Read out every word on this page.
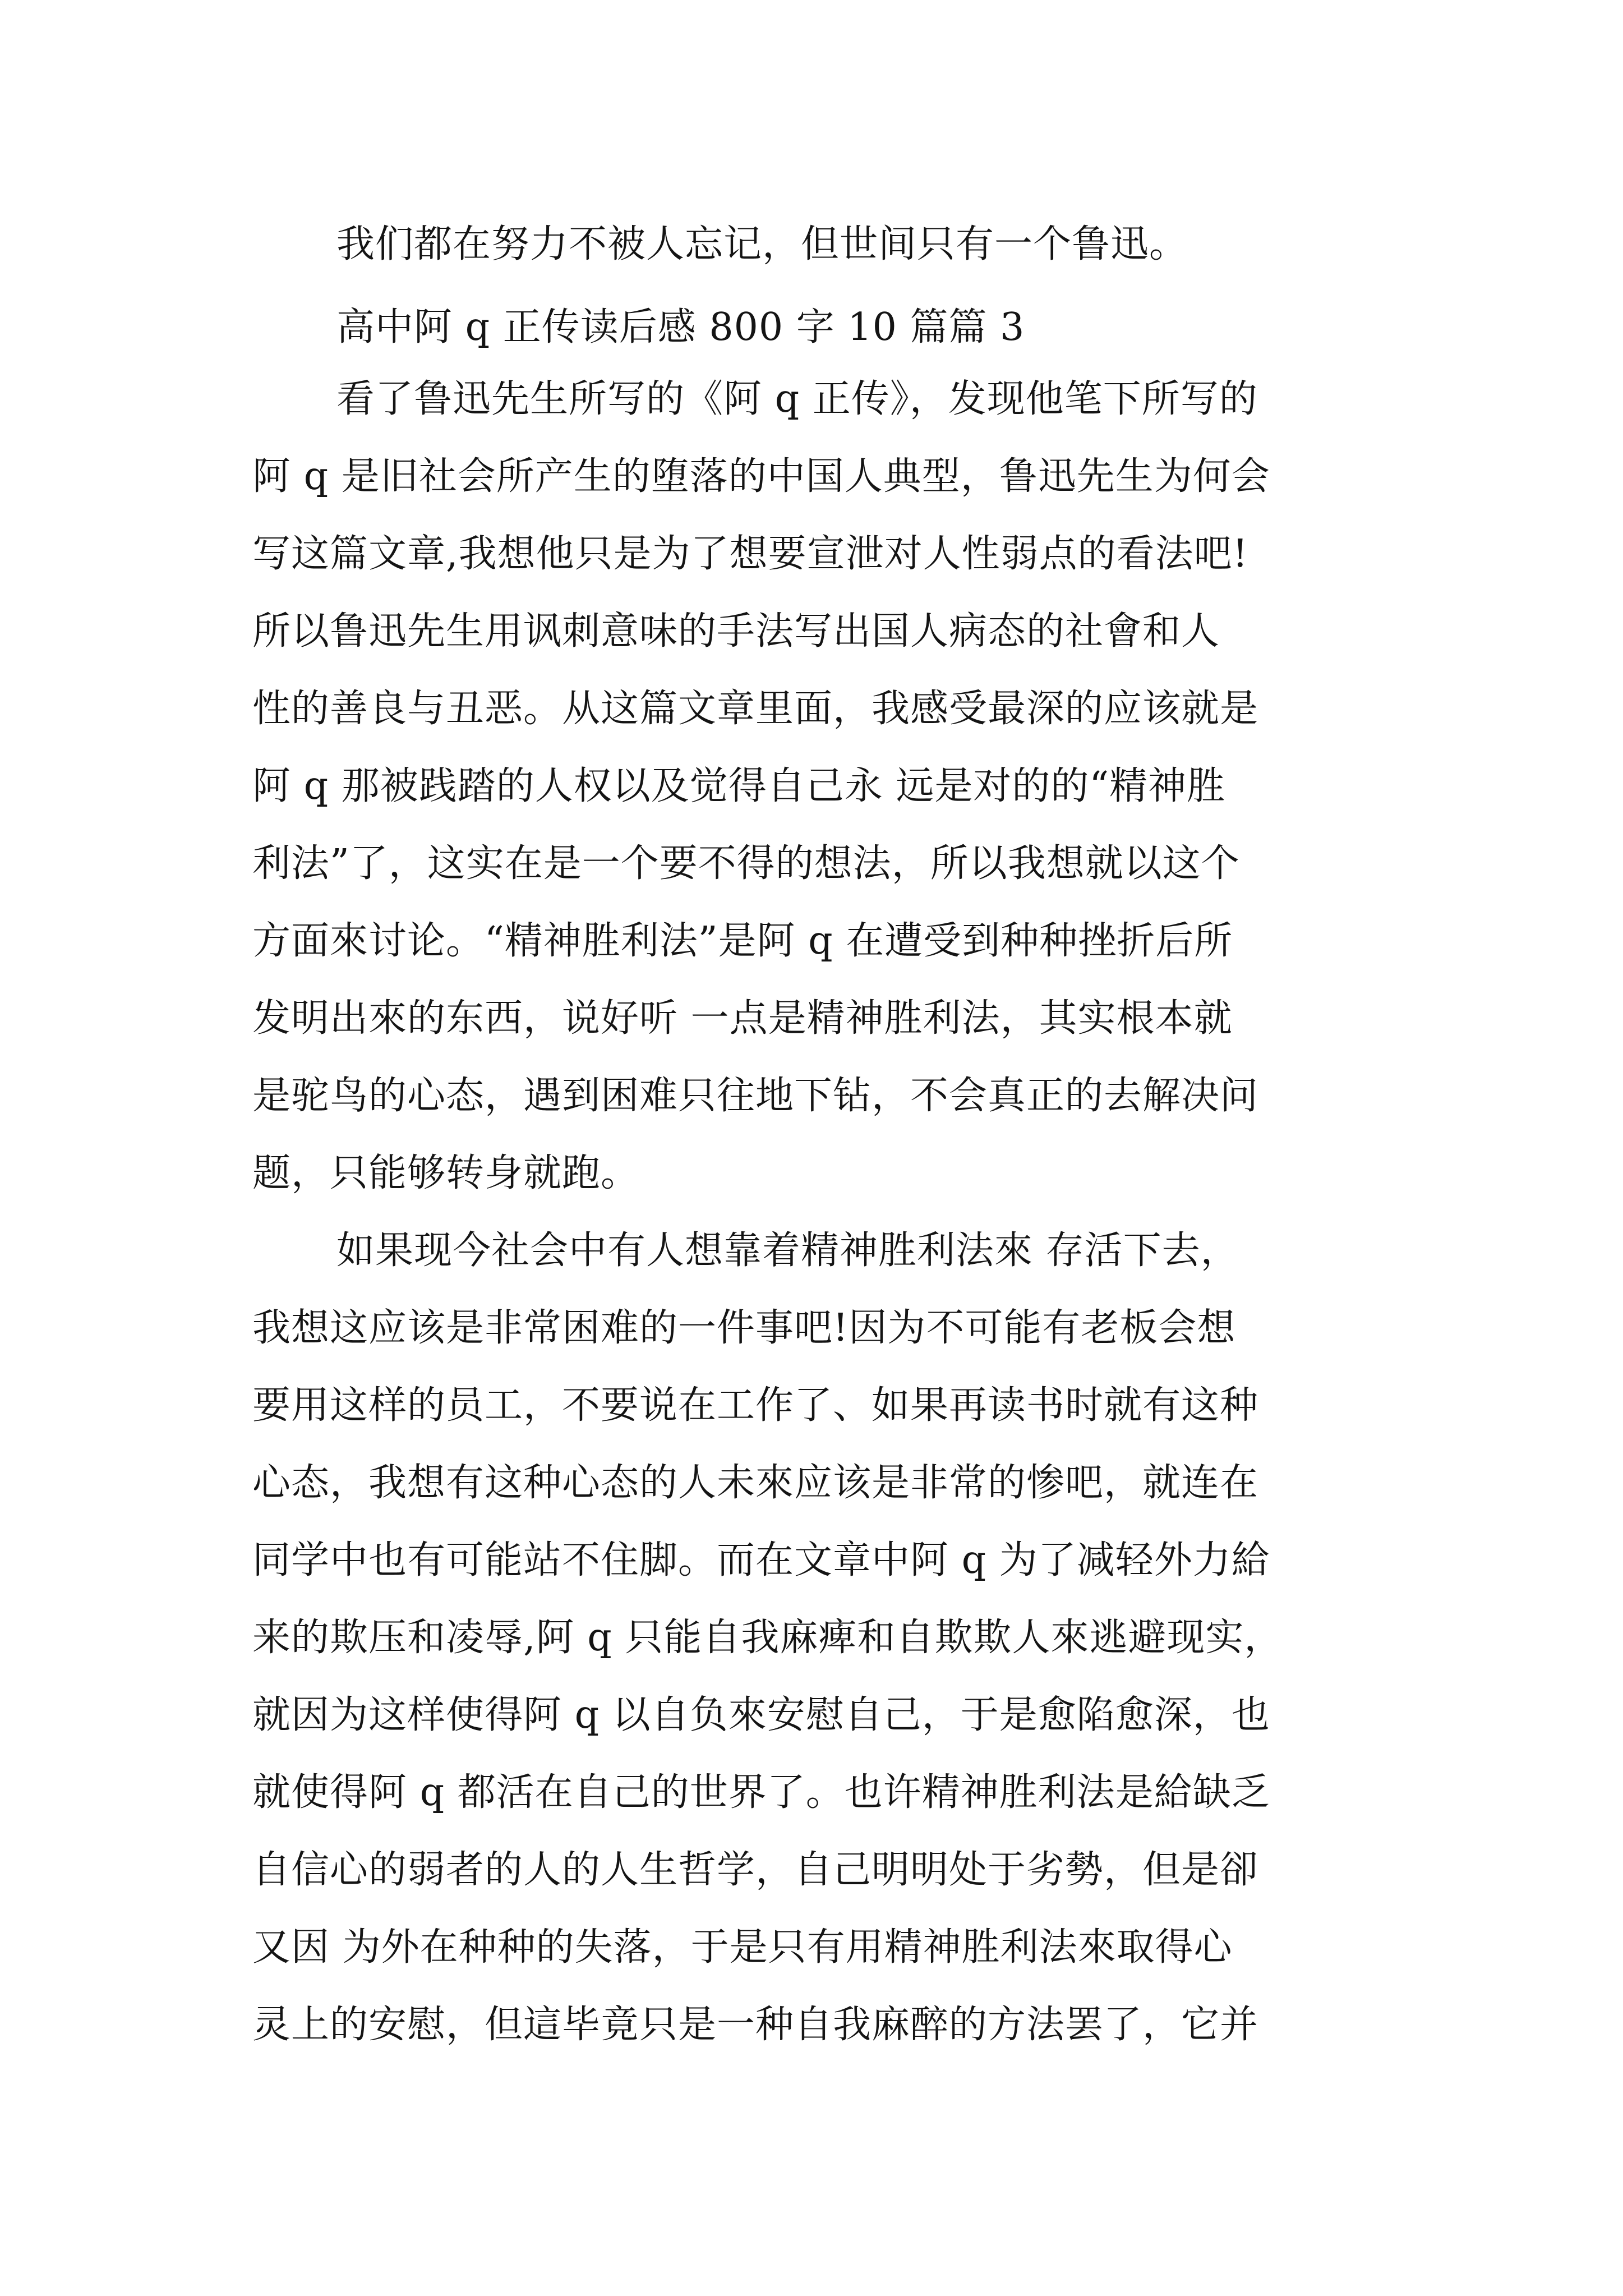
我们都在努力不被人忘记，但世间只有一个鲁迅。
高中阿 q 正传读后感 800 字 10 篇篇 3
看了鲁迅先生所写的《阿 q 正传》，发现他笔下所写的
阿 q 是旧社会所产生的堕落的中国人典型，鲁迅先生为何会
写这篇文章,我想他只是为了想要宣泄对人性弱点的看法吧!
所以鲁迅先生用讽刺意味的手法写出国人病态的社會和人
性的善良与丑恶。从这篇文章里面，我感受最深的应该就是
阿 q 那被践踏的人权以及觉得自己永 远是对的的“精神胜
利法”了，这实在是一个要不得的想法，所以我想就以这个
方面來讨论。“精神胜利法”是阿 q 在遭受到种种挫折后所
发明出來的东西，说好听 一点是精神胜利法，其实根本就
是驼鸟的心态，遇到困难只往地下钻，不会真正的去解决问
题，只能够转身就跑。
如果现今社会中有人想靠着精神胜利法來 存活下去，
我想这应该是非常困难的一件事吧!因为不可能有老板会想
要用这样的员工，不要说在工作了、如果再读书时就有这种
心态，我想有这种心态的人未來应该是非常的惨吧，就连在
同学中也有可能站不住脚。而在文章中阿 q 为了减轻外力給
来的欺压和凌辱,阿 q 只能自我麻痺和自欺欺人來逃避现实，
就因为这样使得阿 q 以自负來安慰自己，于是愈陷愈深，也
就使得阿 q 都活在自己的世界了。也许精神胜利法是給缺乏
自信心的弱者的人的人生哲学，自己明明处于劣勢，但是卻
又因 为外在种种的失落，于是只有用精神胜利法來取得心
灵上的安慰，但這毕竟只是一种自我麻醉的方法罢了，它并
